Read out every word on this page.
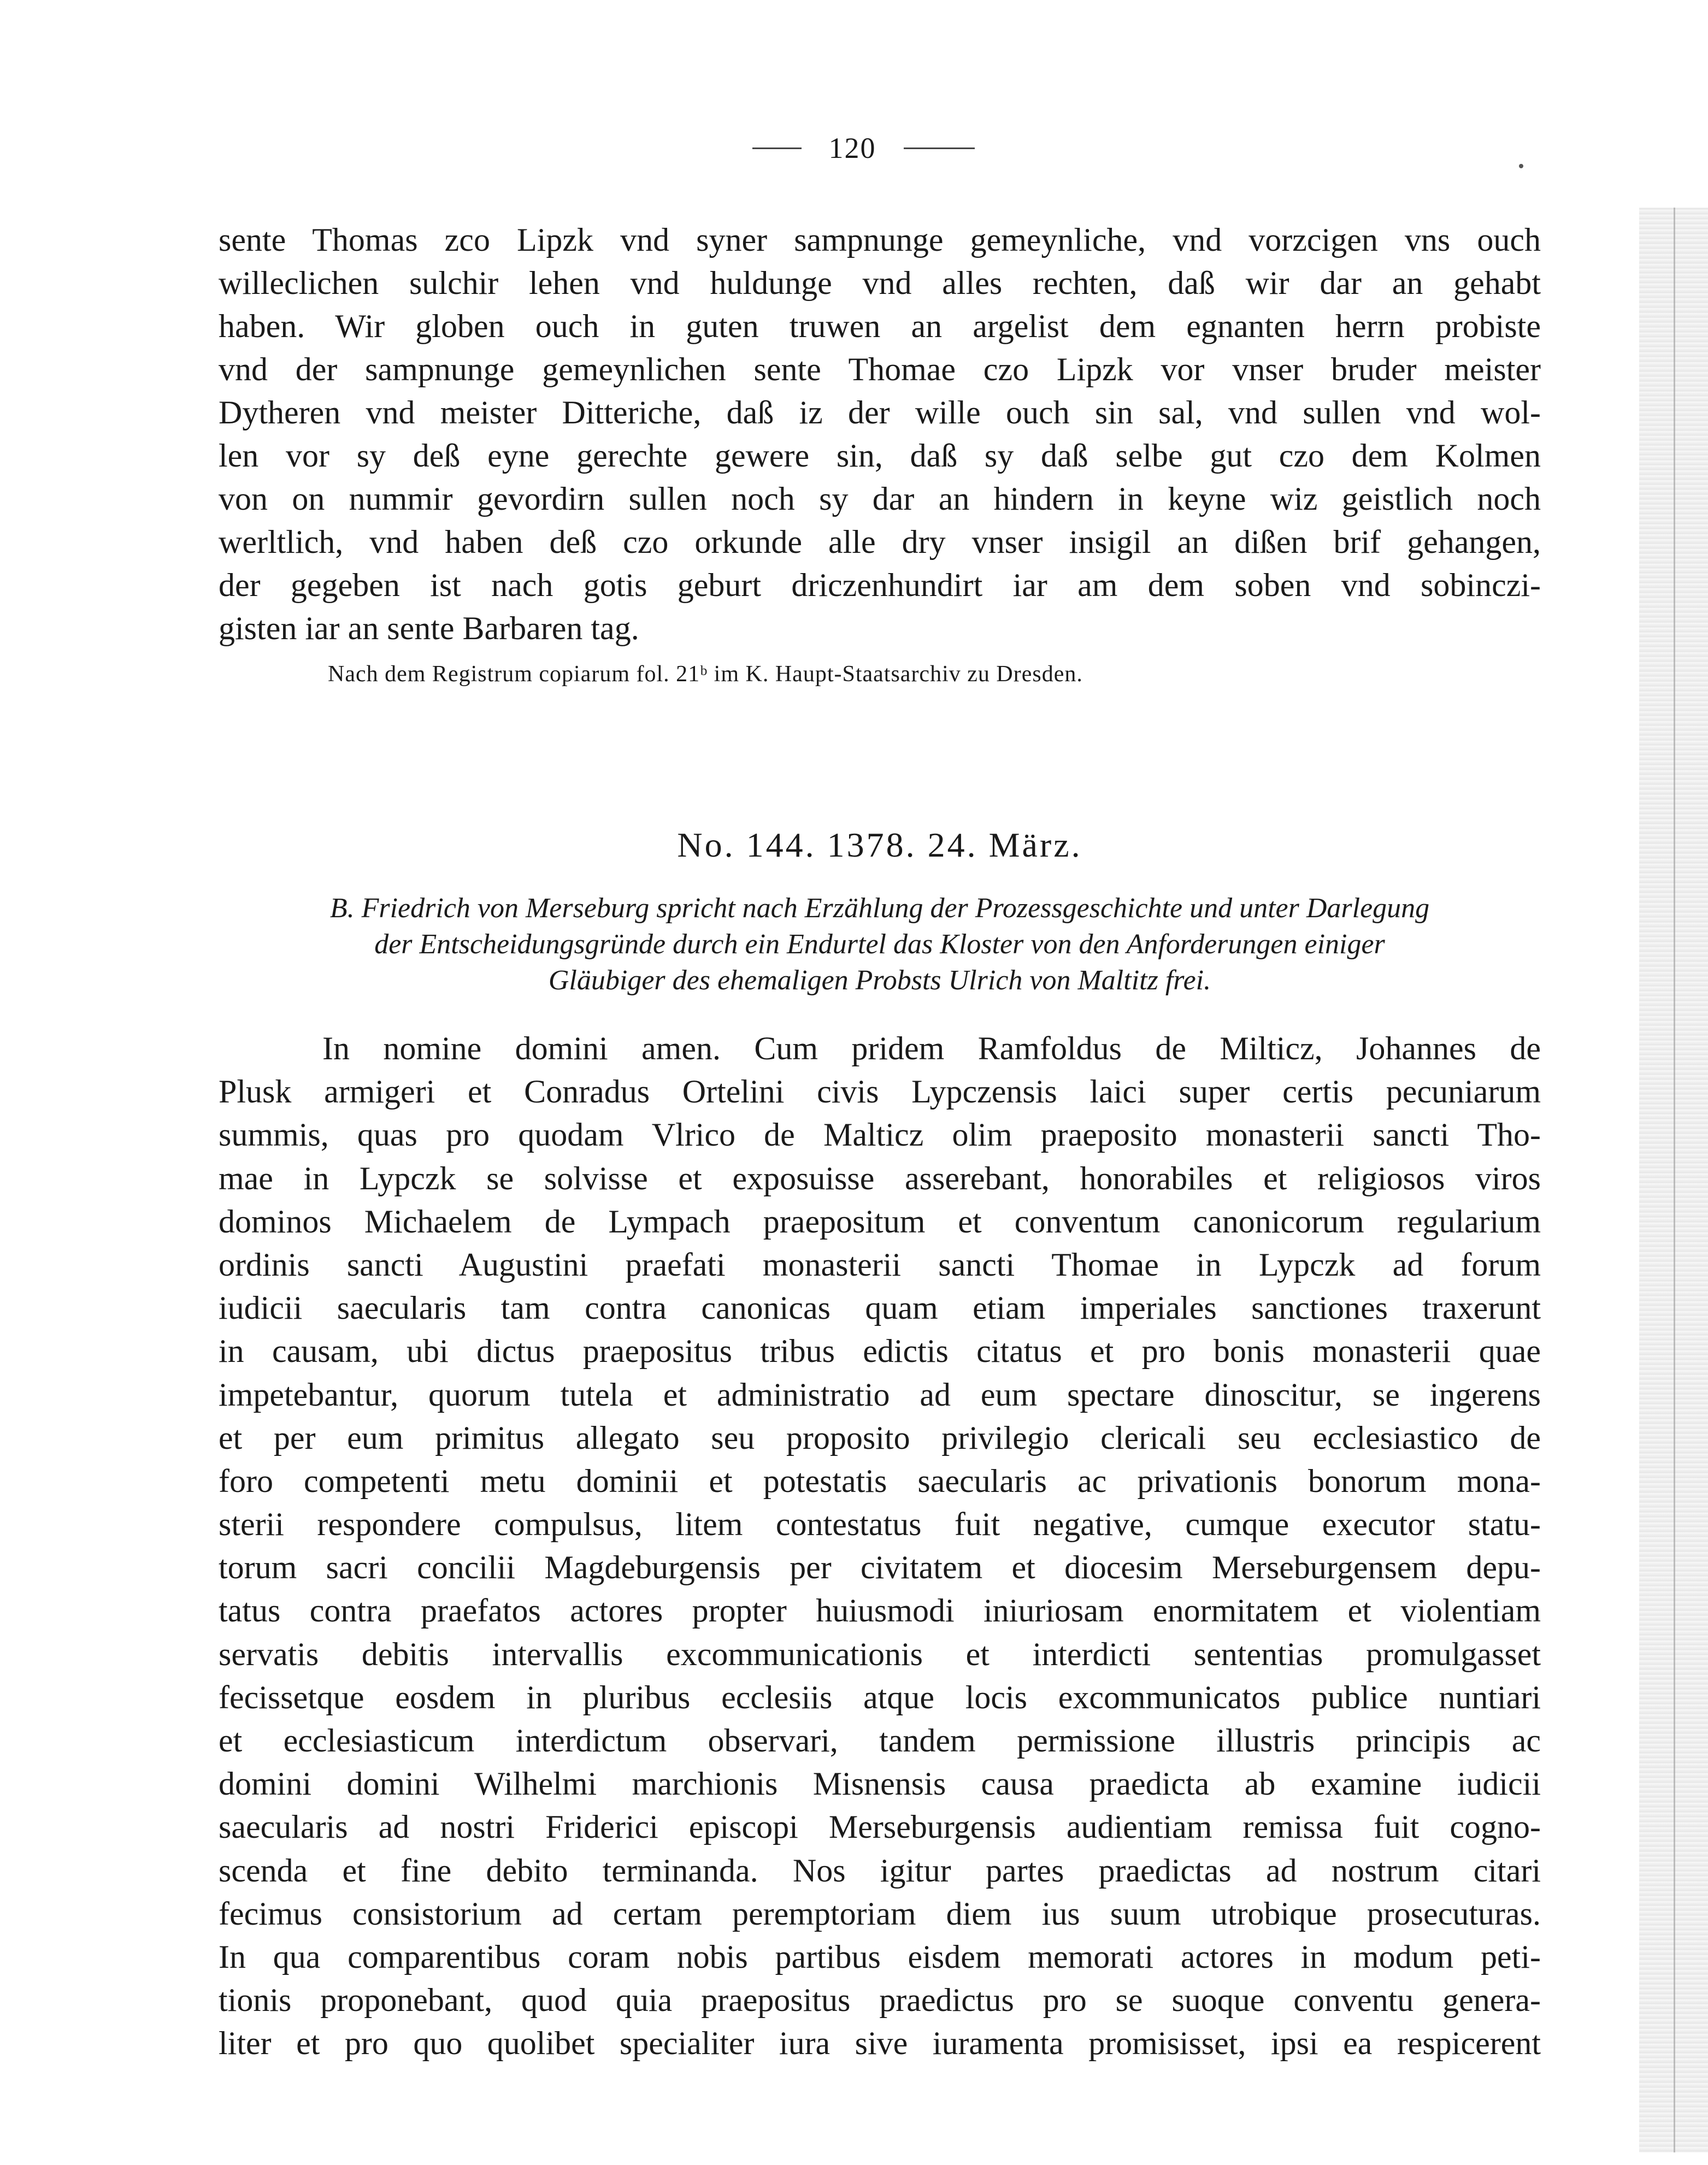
120
sente Thomas zco Lipzk vnd syner sampnunge gemeynliche, vnd vorzcigen vns ouch
willeclichen sulchir lehen vnd huldunge vnd alles rechten, daß wir dar an gehabt
haben. Wir globen ouch in guten truwen an argelist dem egnanten herrn probiste
vnd der sampnunge gemeynlichen sente Thomae czo Lipzk vor vnser bruder meister
Dytheren vnd meister Ditteriche, daß iz der wille ouch sin sal, vnd sullen vnd wol-
len vor sy deß eyne gerechte gewere sin, daß sy daß selbe gut czo dem Kolmen
von on nummir gevordirn sullen noch sy dar an hindern in keyne wiz geistlich noch
werltlich, vnd haben deß czo orkunde alle dry vnser insigil an dißen brif gehangen,
der gegeben ist nach gotis geburt driczenhundirt iar am dem soben vnd sobinczi-
gisten iar an sente Barbaren tag.
Nach dem Registrum copiarum fol. 21ᵇ im K. Haupt-Staatsarchiv zu Dresden.
No. 144. 1378. 24. März.
B. Friedrich von Merseburg spricht nach Erzählung der Prozessgeschichte und unter Darlegung
der Entscheidungsgründe durch ein Endurtel das Kloster von den Anforderungen einiger
Gläubiger des ehemaligen Probsts Ulrich von Maltitz frei.
In nomine domini amen. Cum pridem Ramfoldus de Milticz, Johannes de
Plusk armigeri et Conradus Ortelini civis Lypczensis laici super certis pecuniarum
summis, quas pro quodam Vlrico de Malticz olim praeposito monasterii sancti Tho-
mae in Lypczk se solvisse et exposuisse asserebant, honorabiles et religiosos viros
dominos Michaelem de Lympach praepositum et conventum canonicorum regularium
ordinis sancti Augustini praefati monasterii sancti Thomae in Lypczk ad forum
iudicii saecularis tam contra canonicas quam etiam imperiales sanctiones traxerunt
in causam, ubi dictus praepositus tribus edictis citatus et pro bonis monasterii quae
impetebantur, quorum tutela et administratio ad eum spectare dinoscitur, se ingerens
et per eum primitus allegato seu proposito privilegio clericali seu ecclesiastico de
foro competenti metu dominii et potestatis saecularis ac privationis bonorum mona-
sterii respondere compulsus, litem contestatus fuit negative, cumque executor statu-
torum sacri concilii Magdeburgensis per civitatem et diocesim Merseburgensem depu-
tatus contra praefatos actores propter huiusmodi iniuriosam enormitatem et violentiam
servatis debitis intervallis excommunicationis et interdicti sententias promulgasset
fecissetque eosdem in pluribus ecclesiis atque locis excommunicatos publice nuntiari
et ecclesiasticum interdictum observari, tandem permissione illustris principis ac
domini domini Wilhelmi marchionis Misnensis causa praedicta ab examine iudicii
saecularis ad nostri Friderici episcopi Merseburgensis audientiam remissa fuit cogno-
scenda et fine debito terminanda. Nos igitur partes praedictas ad nostrum citari
fecimus consistorium ad certam peremptoriam diem ius suum utrobique prosecuturas.
In qua comparentibus coram nobis partibus eisdem memorati actores in modum peti-
tionis proponebant, quod quia praepositus praedictus pro se suoque conventu genera-
liter et pro quo quolibet specialiter iura sive iuramenta promisisset, ipsi ea respicerent
